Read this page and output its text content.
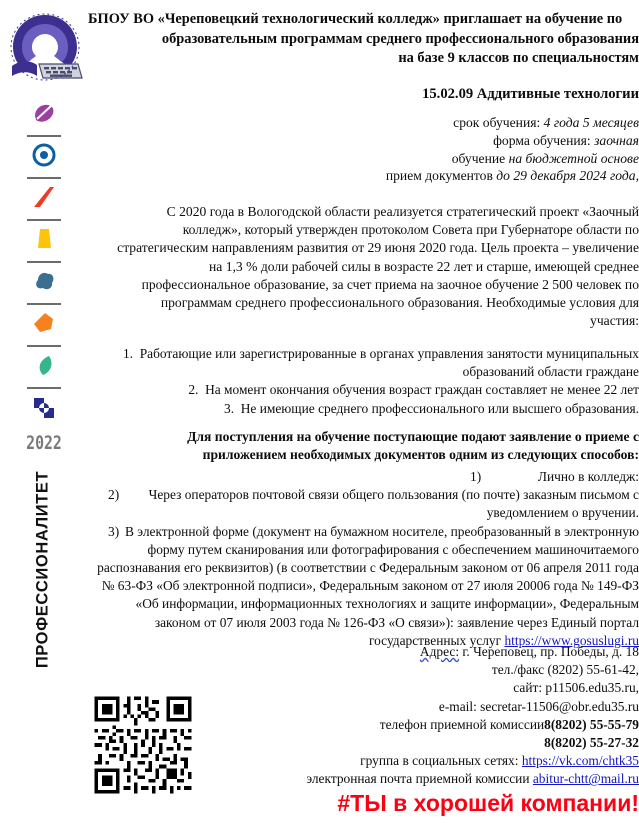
2022
ПРОФЕССИОНАЛИТЕТ
БПОУ ВО «Череповецкий технологический колледж» приглашает на обучение по
образовательным программам среднего профессионального образования
на базе 9 классов по специальностям
15.02.09 Аддитивные технологии
срок обучения: 4 года 5 месяцев
форма обучения: заочная
обучение на бюджетной основе
прием документов до 29 декабря 2024 года,
С 2020 года в Вологодской области реализуется стратегический проект «Заочный колледж», который утвержден протоколом Совета при Губернаторе области по стратегическим направлениям развития от 29 июня 2020 года. Цель проекта – увеличение на 1,3 % доли рабочей силы в возрасте 22 лет и старше, имеющей среднее профессиональное образование, за счет приема на заочное обучение 2 500 человек по программам среднего профессионального образования. Необходимые условия для участия:
1. Работающие или зарегистрированные в органах управления занятости муниципальных образований области граждане
2. На момент окончания обучения возраст граждан составляет не менее 22 лет
3. Не имеющие среднего профессионального или высшего образования.
Для поступления на обучение поступающие подают заявление о приеме с приложением необходимых документов одним из следующих способов:
1)	Лично в колледж:
2) Через операторов почтовой связи общего пользования (по почте) заказным письмом с уведомлением о вручении.
3) В электронной форме (документ на бумажном носителе, преобразованный в электронную форму путем сканирования или фотографирования с обеспечением машиночитаемого распознавания его реквизитов) (в соответствии с Федеральным законом от 06 апреля 2011 года № 63-ФЗ «Об электронной подписи», Федеральным законом от 27 июля 20006 года № 149-ФЗ «Об информации, информационных технологиях и защите информации», Федеральным законом от 07 июля 2003 года № 126-ФЗ «О связи»): заявление через Единый портал государственных услуг https://www.gosuslugi.ru
Адрес: г. Череповец, пр. Победы, д. 18
тел./факс (8202) 55-61-42,
сайт: p11506.edu35.ru,
e-mail: secretar-11506@obr.edu35.ru
телефон приемной комиссии8(8202) 55-55-79
8(8202) 55-27-32
группа в социальных сетях: https://vk.com/chtk35
электронная почта приемной комиссии abitur-chtt@mail.ru
#ТЫ в хорошей компании!
